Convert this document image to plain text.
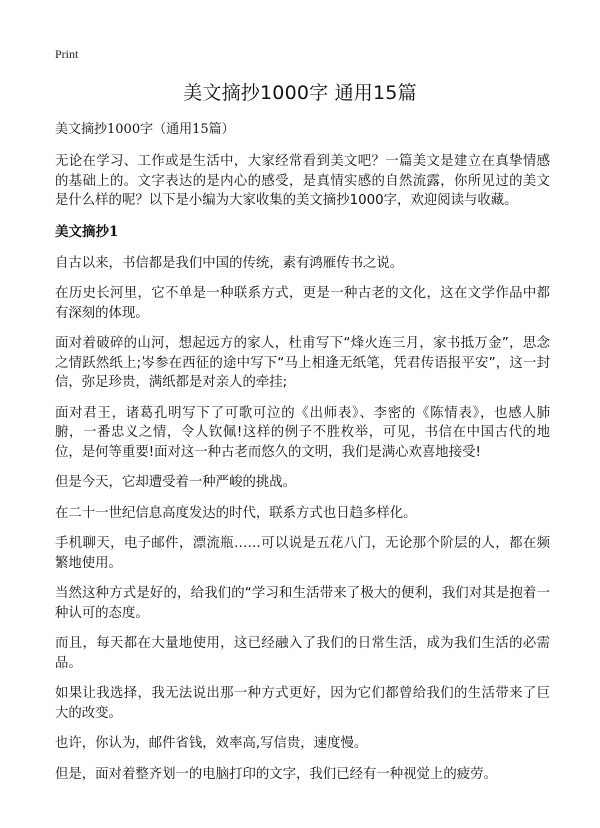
Print
美文摘抄1000字 通用15篇
美文摘抄1000字（通用15篇）

无论在学习、工作或是生活中，大家经常看到美文吧？一篇美文是建立在真挚情感的基础上的。文字表达的是内心的感受，是真情实感的自然流露，你所见过的美文是什么样的呢？以下是小编为大家收集的美文摘抄1000字，欢迎阅读与收藏。

美文摘抄1

自古以来，书信都是我们中国的传统，素有鸿雁传书之说。

在历史长河里，它不单是一种联系方式，更是一种古老的文化，这在文学作品中都有深刻的体现。

面对着破碎的山河，想起远方的家人，杜甫写下“烽火连三月，家书抵万金”，思念之情跃然纸上;岑参在西征的途中写下“马上相逢无纸笔，凭君传语报平安”，这一封信，弥足珍贵，满纸都是对亲人的牵挂;

面对君王，诸葛孔明写下了可歌可泣的《出师表》、李密的《陈情表》，也感人肺腑，一番忠义之情，令人钦佩!这样的例子不胜枚举，可见，书信在中国古代的地位，是何等重要!面对这一种古老而悠久的文明，我们是满心欢喜地接受!

但是今天，它却遭受着一种严峻的挑战。

在二十一世纪信息高度发达的时代，联系方式也日趋多样化。

手机聊天，电子邮件，漂流瓶……可以说是五花八门，无论那个阶层的人，都在频繁地使用。

当然这种方式是好的，给我们的“学习和生活带来了极大的便利，我们对其是抱着一种认可的态度。

而且，每天都在大量地使用，这已经融入了我们的日常生活，成为我们生活的必需品。

如果让我选择，我无法说出那一种方式更好，因为它们都曾给我们的生活带来了巨大的改变。

也许，你认为，邮件省钱，效率高,写信贵，速度慢。

但是，面对着整齐划一的电脑打印的文字，我们已经有一种视觉上的疲劳。
